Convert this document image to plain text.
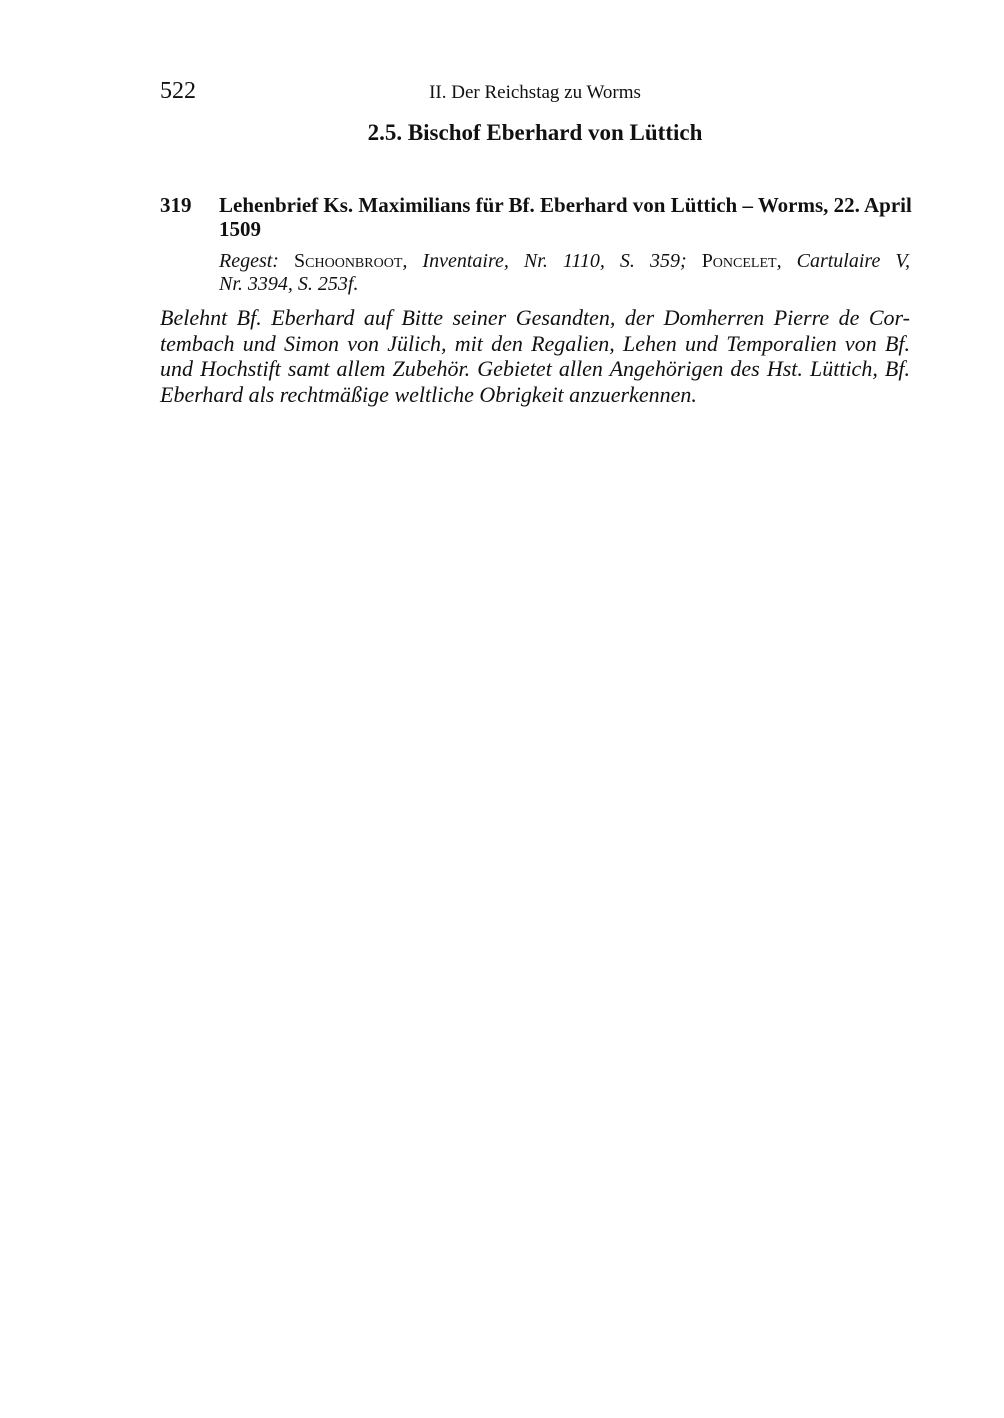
522	II. Der Reichstag zu Worms
2.5. Bischof Eberhard von Lüttich
319 Lehenbrief Ks. Maximilians für Bf. Eberhard von Lüttich – Worms, 22. April
1509
Regest: Schoonbroot, Inventaire, Nr. 1110, S. 359; Poncelet, Cartulaire V,
Nr. 3394, S. 253f.
Belehnt Bf. Eberhard auf Bitte seiner Gesandten, der Domherren Pierre de Cor-
tembach und Simon von Jülich, mit den Regalien, Lehen und Temporalien von Bf.
und Hochstift samt allem Zubehör. Gebietet allen Angehörigen des Hst. Lüttich, Bf.
Eberhard als rechtmäßige weltliche Obrigkeit anzuerkennen.
